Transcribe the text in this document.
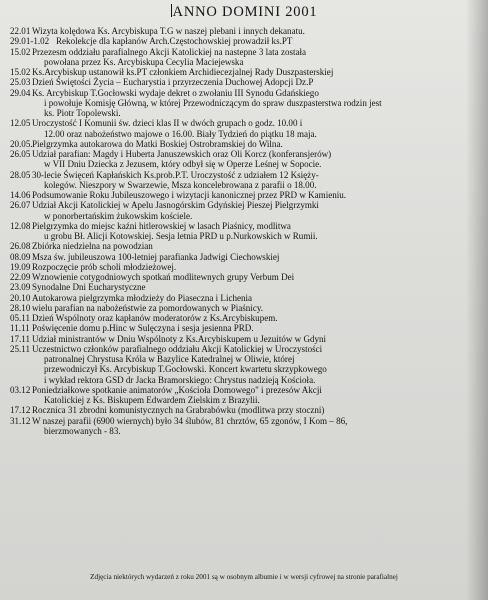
ANNO DOMINI 2001
22.01 Wizyta kolędowa Ks. Arcybiskupa T.G w naszej plebani i innych dekanatu.
29.01-1.02 Rekolekcje dla kapłanów Arch.Częstochowskiej prowadził ks.PT
15.02 Przezesm oddziału parafialnego Akcji Katolickiej na nastepne 3 lata została
powołana przez Ks. Arcybiskupa Cecylia Maciejewska
15.02 Ks.Arcybiskup ustanowił ks.PT członkiem Archidiecezjalnej Rady Duszpasterskiej
25.03 Dzień Świętości Życia – Eucharystia i przyrzeczenia Duchowej Adopcji Dz.P
29.04 Ks. Arcybiskup T.Gocłowski wydaje dekret o zwołaniu III Synodu Gdańskiego
i powołuje Komisję Główną, w której Przewodniczącym do spraw duszpasterstwa rodzin jest
ks. Piotr Topolewski.
12.05 Uroczystość I Komunii św. dzieci klas II w dwóch grupach o godz. 10.00 i
12.00 oraz nabożeństwo majowe o 16.00. Biały Tydzień do piątku 18 maja.
20.05. Pielgrzymka autokarowa do Matki Boskiej Ostrobramskiej do Wilna.
26.05 Udział parafian: Magdy i Huberta Januszewskich oraz Oli Korcz (konferansjerów)
w VII Dniu Dziecka z Jezusem, który odbył się w Operze Leśnej w Sopocie.
28.05 30-lecie Święceń Kapłańskich Ks.prob.P.T. Uroczystość z udziałem 12 Księży-
kolegów. Nieszpory w Swarzewie, Msza koncelebrowana z parafii o 18.00.
14.06 Podsumowanie Roku Jubileuszowego i wizytacji kanonicznej przez PRD w Kamieniu.
26.07 Udział Akcji Katolickiej w Apelu Jasnogórskim Gdyńskiej Pieszej Pielgrzymki
w ponorbertańskim żukowskim kościele.
12.08 Pielgrzymka do miejsc kaźni hitlerowskiej w lasach Piaśnicy, modlitwa
u grobu Bł. Alicji Kotowskiej. Sesja letnia PRD u p.Nurkowskich w Rumii.
26.08 Zbiórka niedzielna na powodzian
08.09 Msza św. jubileuszowa 100-letniej parafianka Jadwigi Ciechowskiej
19.09 Rozpoczęcie prób scholi młodzieżowej.
22.09 Wznowienie cotygodniowych spotkań modlitewnych grupy Verbum Dei
23.09 Synodalne Dni Eucharystyczne
20.10 Autokarowa pielgrzymka młodzieży do Piaseczna i Lichenia
28.10 wielu parafian na nabożeństwie za pomordowanych w Piaśnicy.
05.11 Dzień Wspólnoty oraz kapłanów moderatorów z Ks.Arcybiskupem.
11.11 Poświęcenie domu p.Hinc w Sulęczyna i sesja jesienna PRD.
17.11 Udział ministrantów w Dniu Wspólnoty z Ks.Arcybiskupem u Jezuitów w Gdyni
25.11 Uczestnictwo członków parafialnego oddziału Akcji Katolickiej w Uroczystości
patronalnej Chrystusa Króla w Bazylice Katedralnej w Oliwie, której
przewodniczył Ks. Arcybiskup T.Gocłowski. Koncert kwartetu skrzypkowego
i wykład rektora GSD dr Jacka Bramorskiego: Chrystus nadzieją Kościoła.
03.12 Poniedziałkowe spotkanie animatorów „Kościoła Domowego" i prezesów Akcji
Katolickiej z Ks. Biskupem Edwardem Zielskim z Brazylii.
17.12 Rocznica 31 zbrodni komunistycznych na Grabrabówku (modlitwa przy stoczni)
31.12 W naszej parafii (6900 wiernych) było 34 ślubów, 81 chrztów, 65 zgonów, I Kom – 86,
bierzmowanych - 83.
Zdjęcia niektórych wydarzeń z roku 2001 są w osobnym albumie i w wersji cyfrowej na stronie parafialnej
